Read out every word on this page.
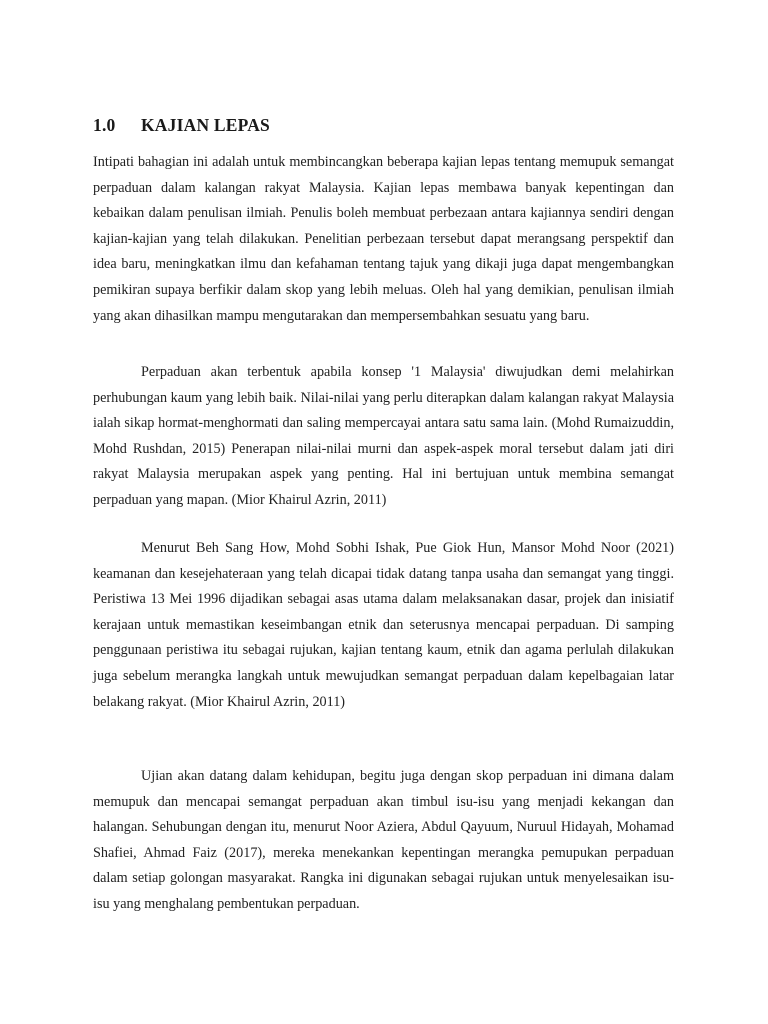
1.0 KAJIAN LEPAS

Intipati bahagian ini adalah untuk membincangkan beberapa kajian lepas tentang memupuk semangat perpaduan dalam kalangan rakyat Malaysia. Kajian lepas membawa banyak kepentingan dan kebaikan dalam penulisan ilmiah. Penulis boleh membuat perbezaan antara kajiannya sendiri dengan kajian-kajian yang telah dilakukan. Penelitian perbezaan tersebut dapat merangsang perspektif dan idea baru, meningkatkan ilmu dan kefahaman tentang tajuk yang dikaji juga dapat mengembangkan pemikiran supaya berfikir dalam skop yang lebih meluas. Oleh hal yang demikian, penulisan ilmiah yang akan dihasilkan mampu mengutarakan dan mempersembahkan sesuatu yang baru.

Perpaduan akan terbentuk apabila konsep '1 Malaysia' diwujudkan demi melahirkan perhubungan kaum yang lebih baik. Nilai-nilai yang perlu diterapkan dalam kalangan rakyat Malaysia ialah sikap hormat-menghormati dan saling mempercayai antara satu sama lain. (Mohd Rumaizuddin, Mohd Rushdan, 2015) Penerapan nilai-nilai murni dan aspek-aspek moral tersebut dalam jati diri rakyat Malaysia merupakan aspek yang penting. Hal ini bertujuan untuk membina semangat perpaduan yang mapan. (Mior Khairul Azrin, 2011)

Menurut Beh Sang How, Mohd Sobhi Ishak, Pue Giok Hun, Mansor Mohd Noor (2021) keamanan dan kesejehateraan yang telah dicapai tidak datang tanpa usaha dan semangat yang tinggi. Peristiwa 13 Mei 1996 dijadikan sebagai asas utama dalam melaksanakan dasar, projek dan inisiatif kerajaan untuk memastikan keseimbangan etnik dan seterusnya mencapai perpaduan. Di samping penggunaan peristiwa itu sebagai rujukan, kajian tentang kaum, etnik dan agama perlulah dilakukan juga sebelum merangka langkah untuk mewujudkan semangat perpaduan dalam kepelbagaian latar belakang rakyat. (Mior Khairul Azrin, 2011)

Ujian akan datang dalam kehidupan, begitu juga dengan skop perpaduan ini dimana dalam memupuk dan mencapai semangat perpaduan akan timbul isu-isu yang menjadi kekangan dan halangan. Sehubungan dengan itu, menurut Noor Aziera, Abdul Qayuum, Nuruul Hidayah, Mohamad Shafiei, Ahmad Faiz (2017), mereka menekankan kepentingan merangka pemupukan perpaduan dalam setiap golongan masyarakat. Rangka ini digunakan sebagai rujukan untuk menyelesaikan isu-isu yang menghalang pembentukan perpaduan.
